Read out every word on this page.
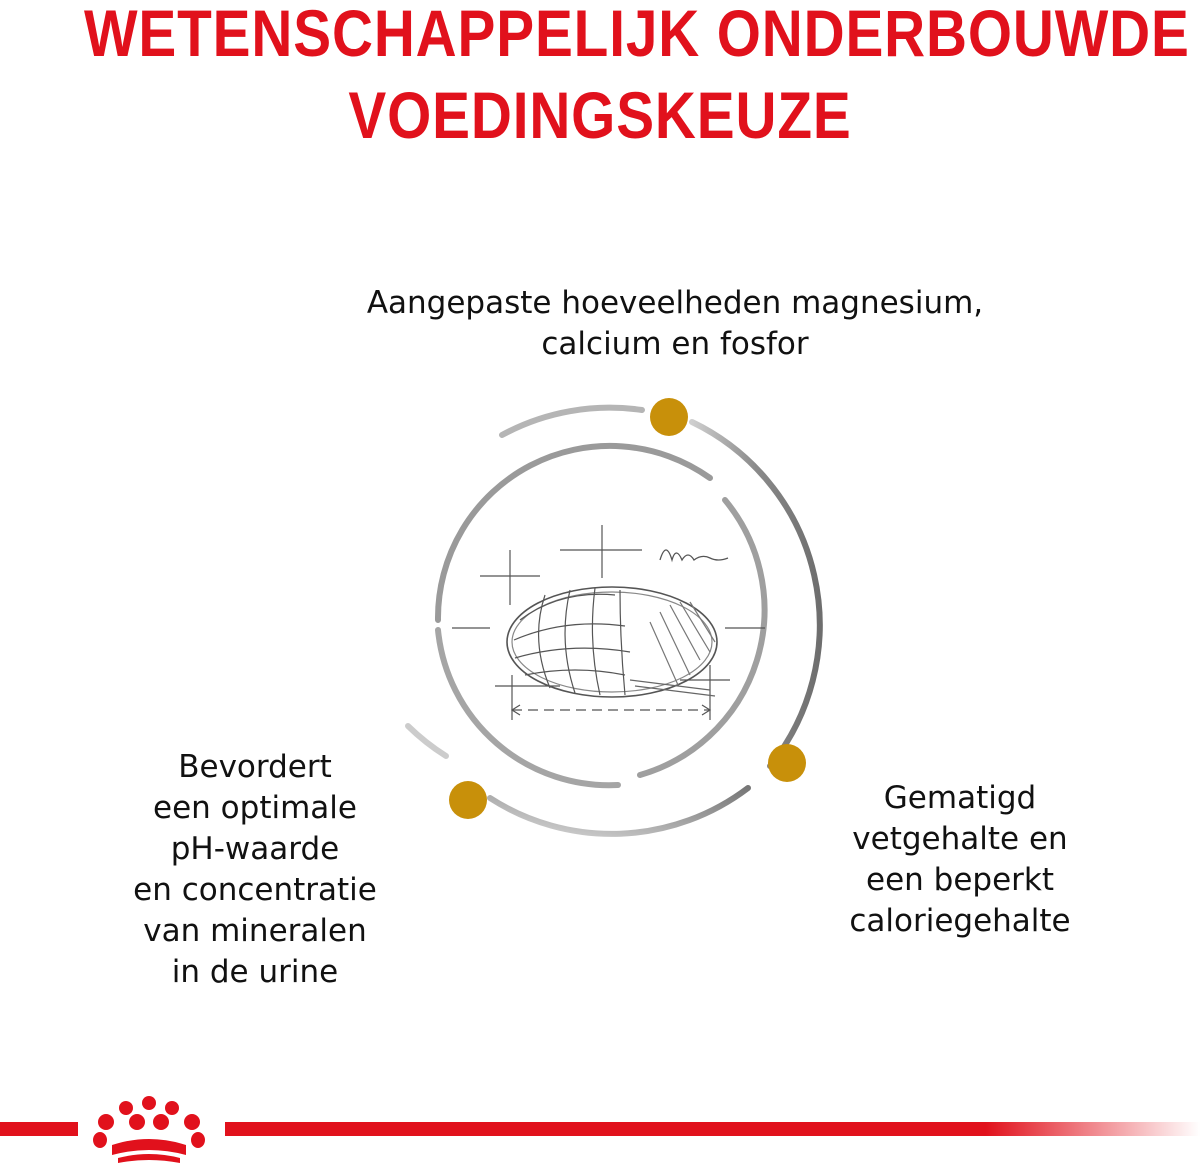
WETENSCHAPPELIJK ONDERBOUWDE
VOEDINGSKEUZE
Aangepaste hoeveelheden magnesium,
calcium en fosfor
Bevordert
een optimale
pH-waarde
en concentratie
van mineralen
in de urine
Gematigd
vetgehalte en
een beperkt
caloriegehalte
